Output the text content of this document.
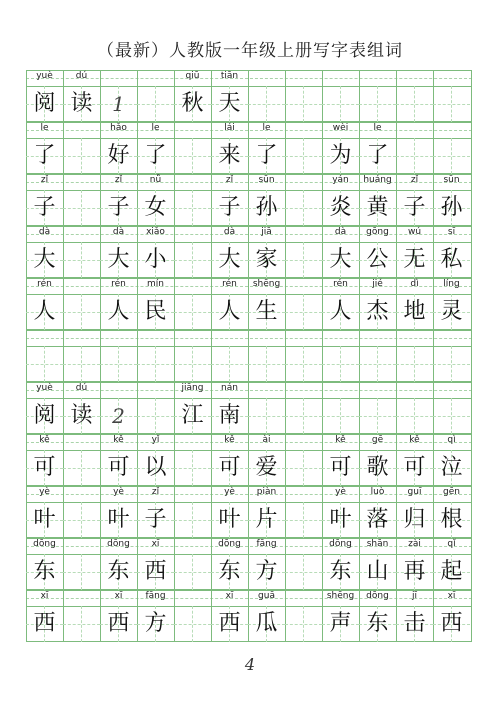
（最新）人教版一年级上册写字表组词
yuè
阅
dú
读 1
qiū
秋
tiān
天
le
了
hǎo
好
le
了
lái
来
le
了
wèi
为
le
了
zǐ
子
zǐ
子
nǚ
女
zǐ
子
sūn
孙
yán
炎
huáng
黄
zǐ
子
sūn
孙
dà
大
dà
大
xiǎo
小
dà
大
jiā
家
dà
大
gōng
公
wú
无
sī
私
rén
人
rén
人
mín
民
rén
人
shēng
生
rén
人
jié
杰
dì
地
líng
灵
yuè
阅
dú
读 2
jiāng
江
nán
南
kě
可
kě
可
yǐ
以
kě
可
ài
爱
kě
可
gē
歌
kě
可
qì
泣
yè
叶
yè
叶
zǐ
子
yè
叶
piàn
片
yè
叶
luò
落
guī
归
gēn
根
dōng
东
dōng
东
xī
西
dōng
东
fāng
方
dōng
东
shān
山
zài
再
qǐ
起
xī
西
xī
西
fāng
方
xī
西
guā
瓜
shēng
声
dōng
东
jī
击
xī
西
4
